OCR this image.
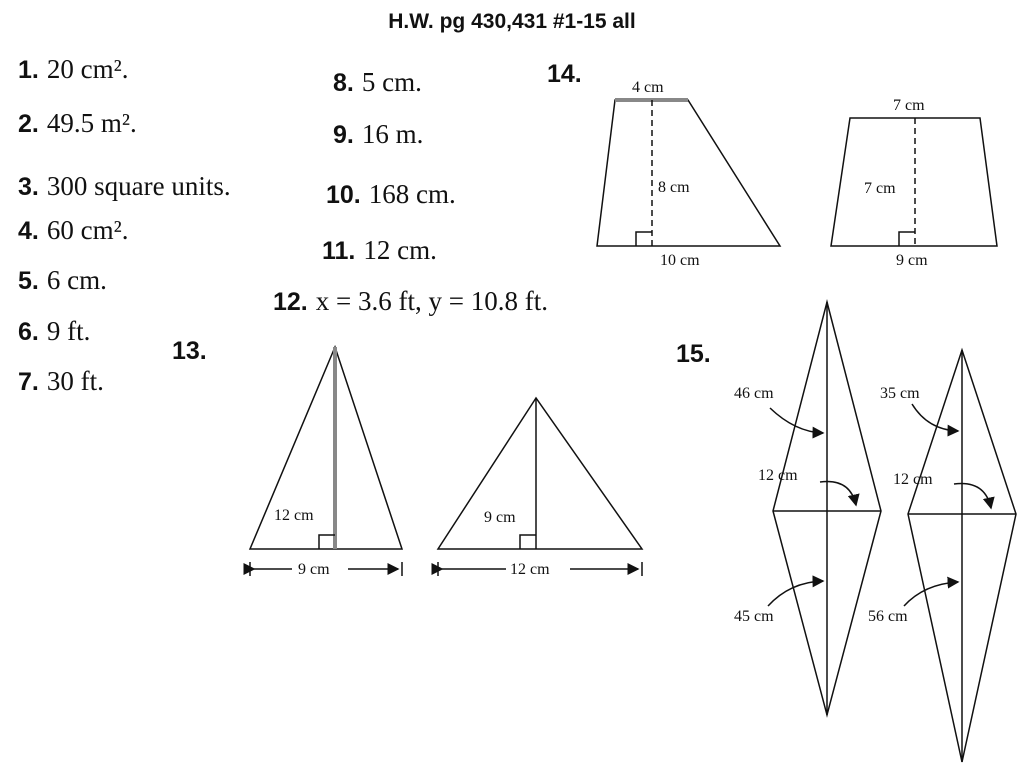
H.W. pg 430,431 #1-15 all
1. 20 cm².
2. 49.5 m².
3. 300 square units.
4. 60 cm².
5. 6 cm.
6. 9 ft.
7. 30 ft.
8. 5 cm.
9. 16 m.
10. 168 cm.
11. 12 cm.
12. x = 3.6 ft, y = 10.8 ft.
13.
14.
15.
4 cm
8 cm
10 cm
7 cm
7 cm
9 cm
12 cm
9 cm
9 cm
12 cm
46 cm
12 cm
45 cm
35 cm
12 cm
56 cm
